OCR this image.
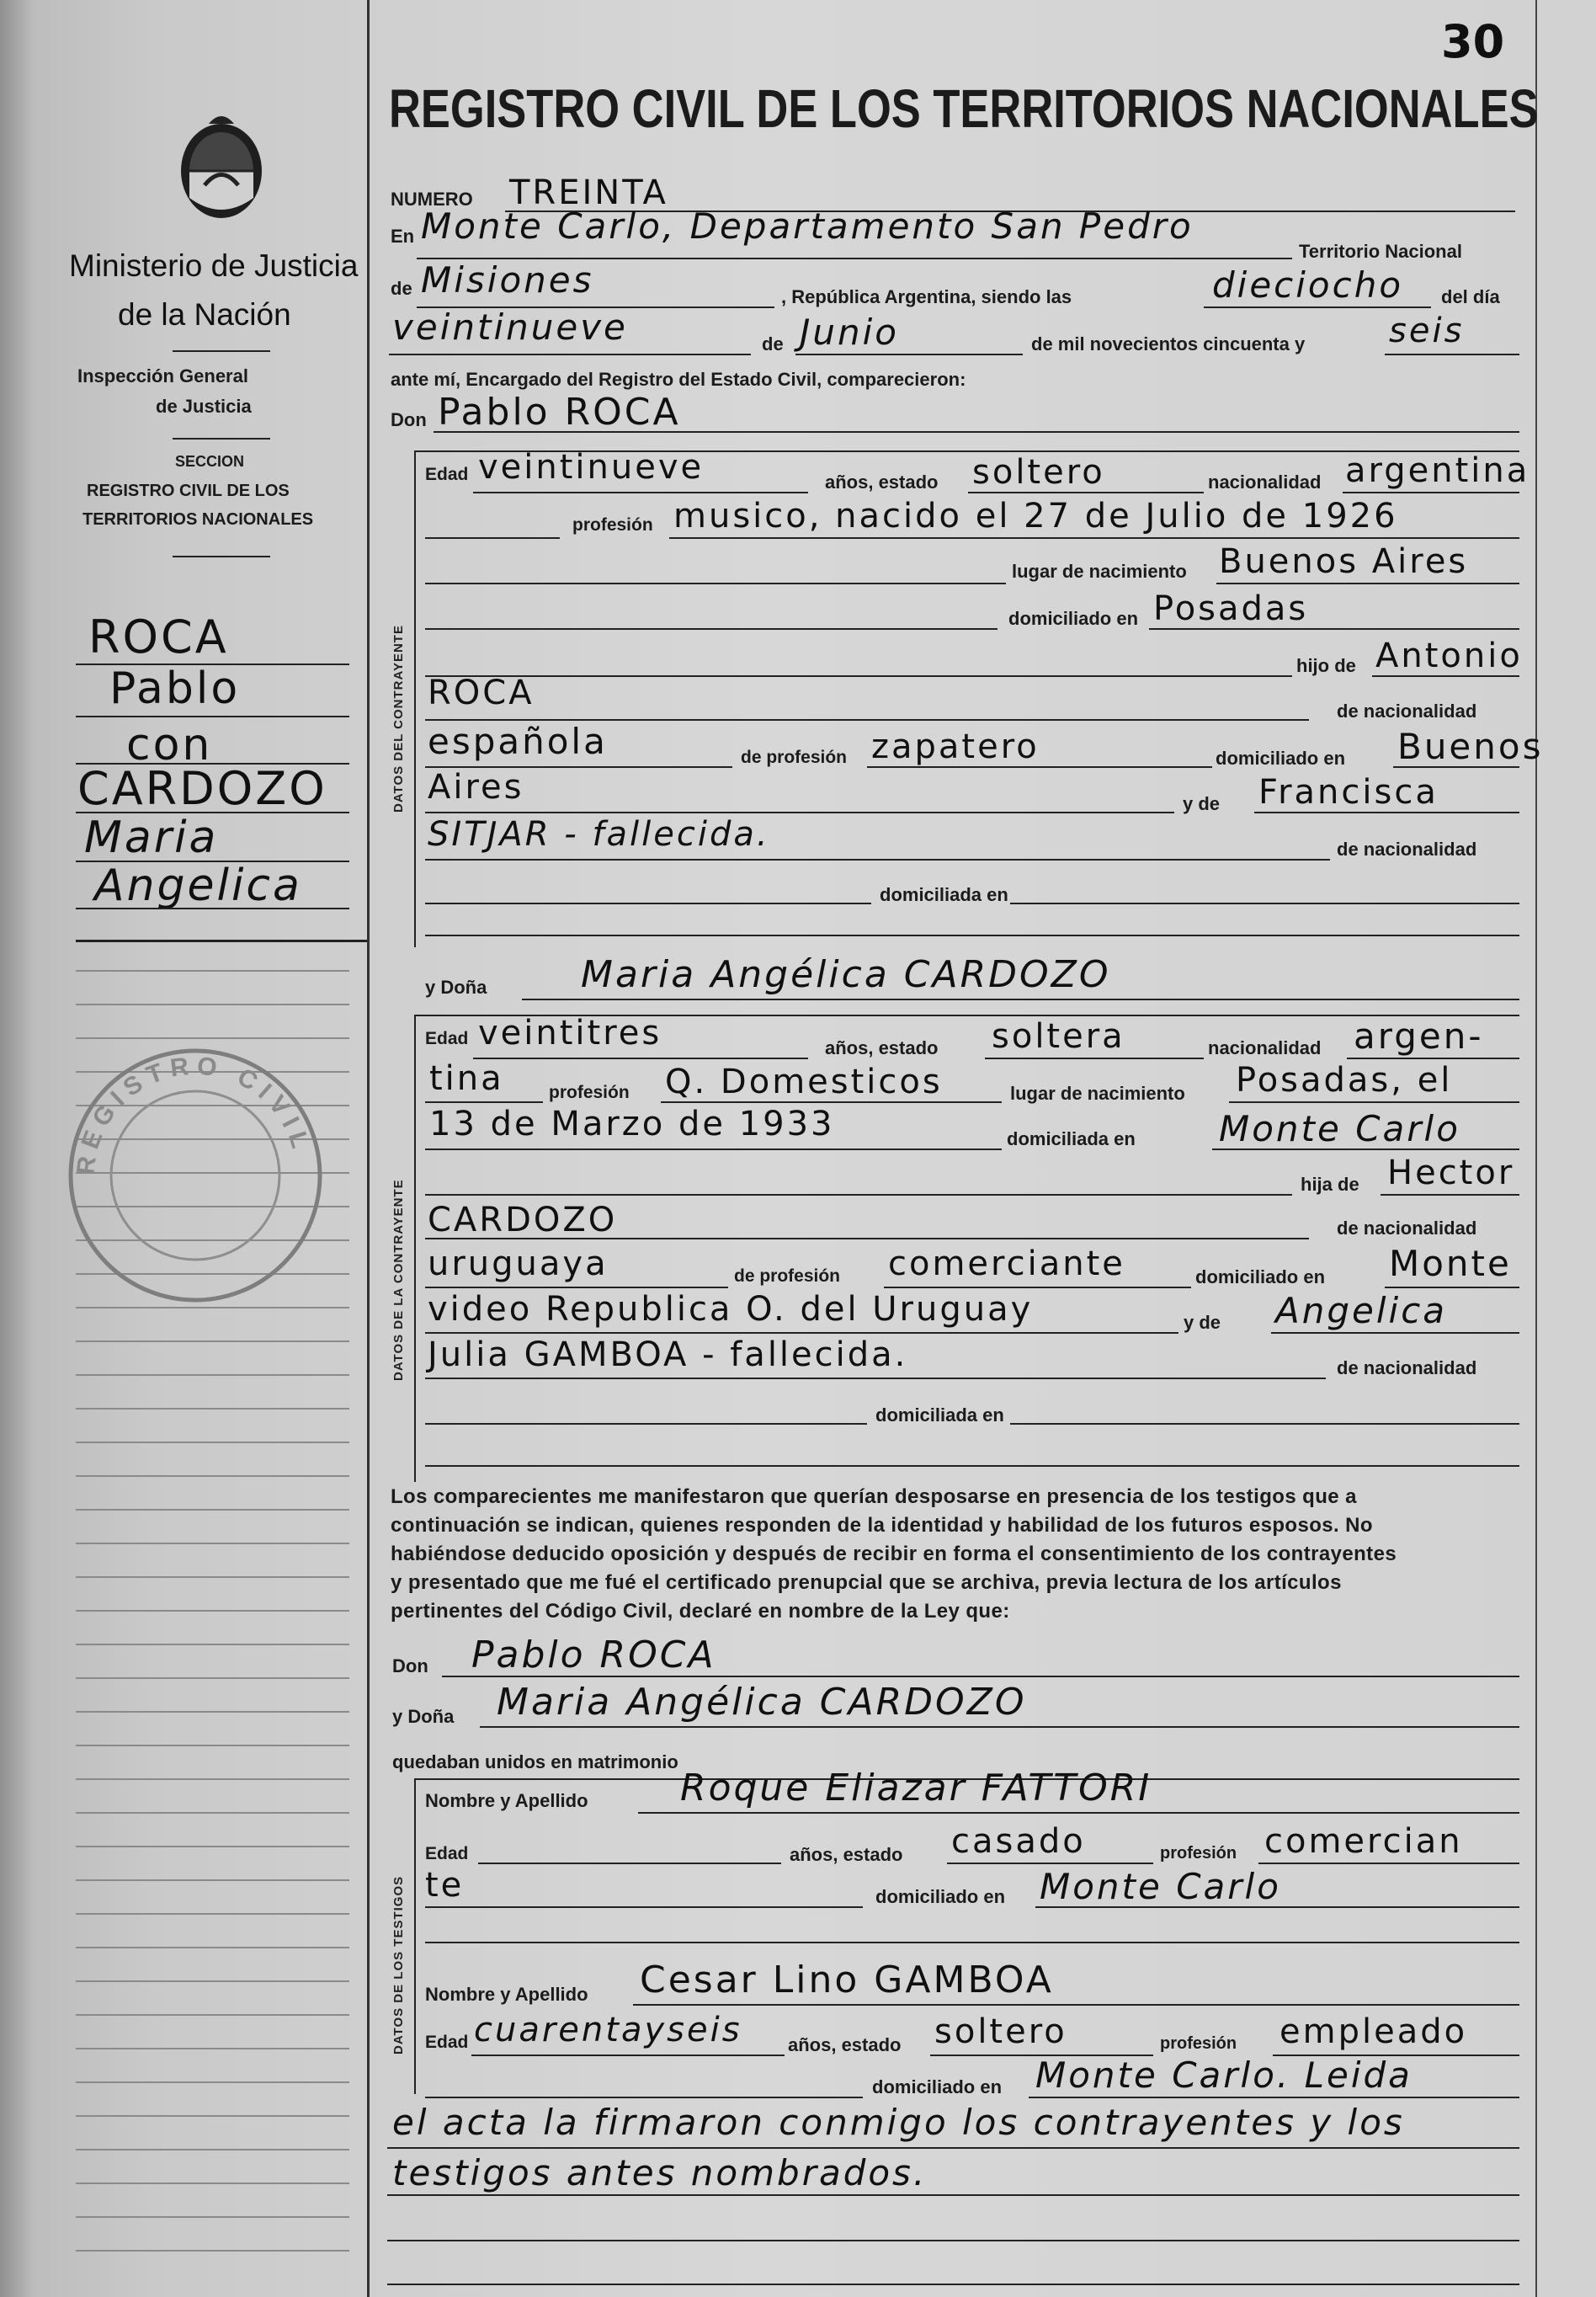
Ministerio de Justicia
de la Nación
Inspección General
de Justicia
SECCION
REGISTRO CIVIL DE LOS
TERRITORIOS NACIONALES
ROCA
Pablo
con
CARDOZO
Maria
Angelica
REGISTRO CIVIL
30
REGISTRO CIVIL DE LOS TERRITORIOS NACIONALES
NUMERO TREINTA
En Monte Carlo, Departamento San Pedro
Territorio Nacional
de Misiones	, República Argentina, siendo las	dieciocho del día
veintinueve	de Junio	de mil novecientos cincuenta y seis
ante mí, Encargado del Registro del Estado Civil, comparecieron:
Don Pablo ROCA
DATOS DEL CONTRAYENTE
Edad veintinueve	años, estado soltero	nacionalidad argentina
profesión musico, nacido el 27 de Julio de 1926
lugar de nacimiento Buenos Aires
domiciliado en Posadas
hijo de Antonio
ROCA	de nacionalidad
española	de profesión zapatero	domiciliado en Buenos
Aires	y de Francisca
SITJAR - fallecida.	de nacionalidad
domiciliada en
y Doña	Maria Angélica CARDOZO
DATOS DE LA CONTRAYENTE
Edad veintitres	años, estado soltera	nacionalidad argen-
tina	profesión Q. Domesticos	lugar de nacimiento Posadas, el
13 de Marzo de 1933	domiciliada en Monte Carlo
hija de Hector
CARDOZO	de nacionalidad
uruguaya	de profesión comerciante	domiciliado en Monte
video Republica O. del Uruguay	y de Angelica
Julia GAMBOA - fallecida.	de nacionalidad
domiciliada en
Los comparecientes me manifestaron que querían desposarse en presencia de los testigos que a
continuación se indican, quienes responden de la identidad y habilidad de los futuros esposos. No
habiéndose deducido oposición y después de recibir en forma el consentimiento de los contrayentes
y presentado que me fué el certificado prenupcial que se archiva, previa lectura de los artículos
pertinentes del Código Civil, declaré en nombre de la Ley que:
Don Pablo ROCA
y Doña Maria Angélica CARDOZO
quedaban unidos en matrimonio
DATOS DE LOS TESTIGOS
Nombre y Apellido Roque Eliazar FATTORI
Edad	años, estado casado	profesión comercian
te	domiciliado en Monte Carlo
Nombre y Apellido Cesar Lino GAMBOA
Edad cuarentayseis años, estado soltero	profesión empleado
domiciliado en Monte Carlo. Leida
el acta la firmaron conmigo los contrayentes y los
testigos antes nombrados.
